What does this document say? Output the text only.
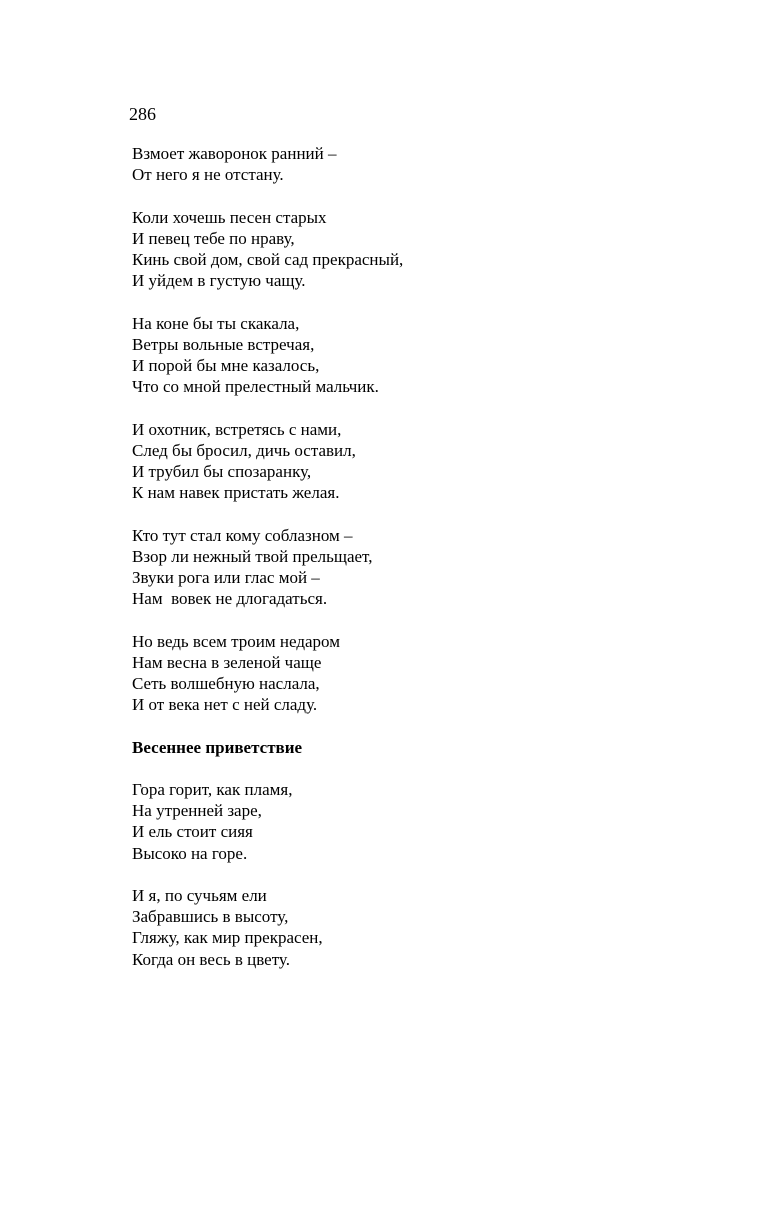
286
Взмоет жаворонок ранний –
От него я не отстану.
Коли хочешь песен старых
И певец тебе по нраву,
Кинь свой дом, свой сад прекрасный,
И уйдем в густую чащу.
На коне бы ты скакала,
Ветры вольные встречая,
И порой бы мне казалось,
Что со мной прелестный мальчик.
И охотник, встретясь с нами,
След бы бросил, дичь оставил,
И трубил бы спозаранку,
К нам навек пристать желая.
Кто тут стал кому соблазном –
Взор ли нежный твой прельщает,
Звуки рога или глас мой –
Нам  вовек не длогадаться.
Но ведь всем троим недаром
Нам весна в зеленой чаще
Сеть волшебную наслала,
И от века нет с ней сладу.
Весеннее приветствие
Гора горит, как пламя,
На утренней заре,
И ель стоит сияя
Высоко на горе.
И я, по сучьям ели
Забравшись в высоту,
Гляжу, как мир прекрасен,
Когда он весь в цвету.
